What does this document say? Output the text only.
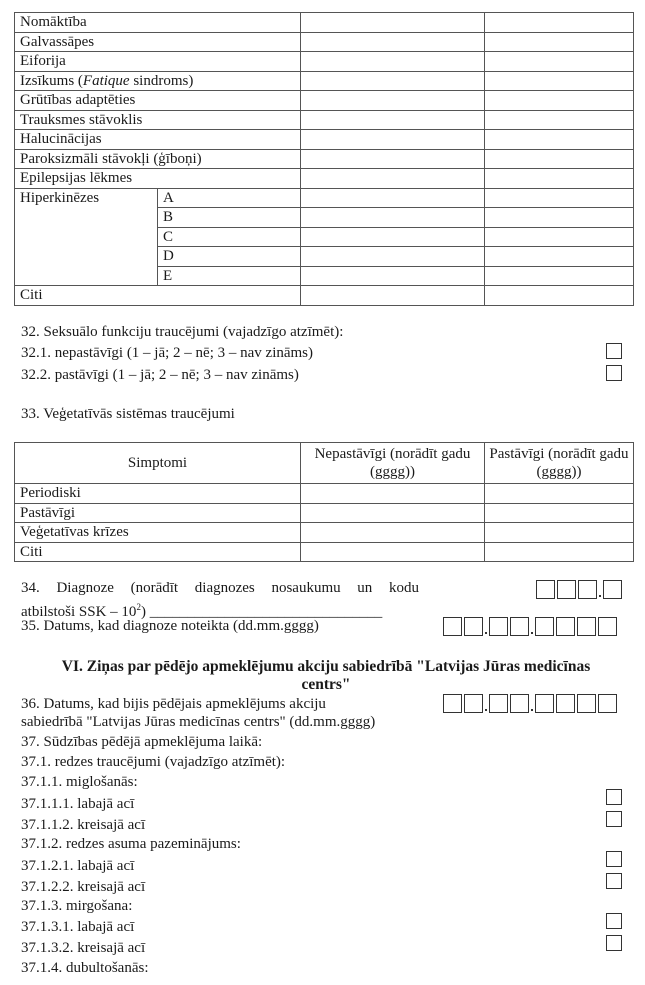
Nomāktība			
Galvassāpes			
Eiforija			
Izsīkums (Fatique sindroms)			
Grūtības adaptēties			
Trauksmes stāvoklis			
Halucinācijas			
Paroksizmāli stāvokļi (ģīboņi)			
Epilepsijas lēkmes			
Hiperkinēzes	A		
	B		
	C		
	D		
	E		
Citi			
32. Seksuālo funkciju traucējumi (vajadzīgo atzīmēt):
32.1. nepastāvīgi (1 – jā; 2 – nē; 3 – nav zināms)
32.2. pastāvīgi (1 – jā; 2 – nē; 3 – nav zināms)
33. Veģetatīvās sistēmas traucējumi
Simptomi	Nepastāvīgi (norādīt gadu (gggg))	Pastāvīgi (norādīt gadu (gggg))
Periodiski		
Pastāvīgi		
Veģetatīvas krīzes		
Citi		
34. Diagnoze (norādīt diagnozes nosaukumu un kodu
atbilstoši SSK – $10^2$) _______________________________
35. Datums, kad diagnoze noteikta (dd.mm.gggg)
VI. Ziņas par pēdējo apmeklējumu akciju sabiedrībā "Latvijas Jūras medicīnas
centrs"
36. Datums, kad bijis pēdējais apmeklējums akciju
sabiedrībā "Latvijas Jūras medicīnas centrs" (dd.mm.gggg)
37. Sūdzības pēdējā apmeklējuma laikā:
37.1. redzes traucējumi (vajadzīgo atzīmēt):
37.1.1. miglošanās:
37.1.1.1. labajā acī
37.1.1.2. kreisajā acī
37.1.2. redzes asuma pazeminājums:
37.1.2.1. labajā acī
37.1.2.2. kreisajā acī
37.1.3. mirgošana:
37.1.3.1. labajā acī
37.1.3.2. kreisajā acī
37.1.4. dubultošanās:
